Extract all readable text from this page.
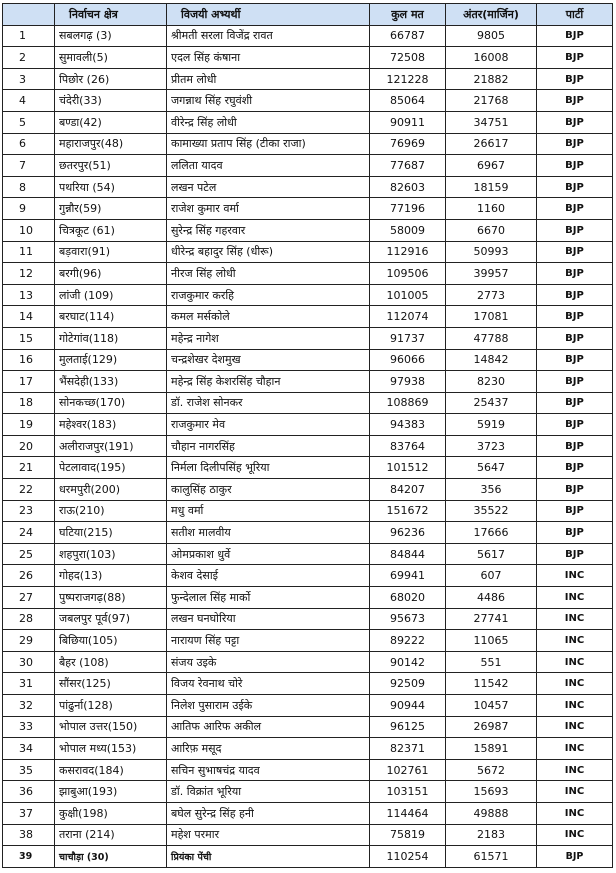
	निर्वाचन क्षेत्र	विजयी अभ्यर्थी	कुल मत	अंतर(मार्जिन)	पार्टी
1	सबलगढ़ (3)	श्रीमती सरला विजेंद्र रावत	66787	9805	BJP
2	सुमावली(5)	एदल सिंह कंषाना	72508	16008	BJP
3	पिछोर (26)	प्रीतम लोधी	121228	21882	BJP
4	चंदेरी(33)	जगन्नाथ सिंह रघुवंशी	85064	21768	BJP
5	बण्डा(42)	वीरेन्द्र सिंह लोधी	90911	34751	BJP
6	महाराजपुर(48)	कामाख्या प्रताप सिंह (टीका राजा)	76969	26617	BJP
7	छतरपुर(51)	ललिता यादव	77687	6967	BJP
8	पथरिया (54)	लखन पटेल	82603	18159	BJP
9	गुन्नौर(59)	राजेश कुमार वर्मा	77196	1160	BJP
10	चित्रकूट (61)	सुरेन्द्र सिंह गहरवार	58009	6670	BJP
11	बड़वारा(91)	धीरेन्द्र बहादुर सिंह (धीरू)	112916	50993	BJP
12	बरगी(96)	नीरज सिंह लोधी	109506	39957	BJP
13	लांजी (109)	राजकुमार करहि	101005	2773	BJP
14	बरघाट(114)	कमल मर्सकोले	112074	17081	BJP
15	गोटेगांव(118)	महेन्द्र नागेश	91737	47788	BJP
16	मुलताई(129)	चन्द्रशेखर देशमुख	96066	14842	BJP
17	भैंसदेही(133)	महेन्द्र सिंह केशरसिंह चौहान	97938	8230	BJP
18	सोनकच्छ(170)	डॉ. राजेश सोनकर	108869	25437	BJP
19	महेश्वर(183)	राजकुमार मेव	94383	5919	BJP
20	अलीराजपुर(191)	चौहान नागरसिंह	83764	3723	BJP
21	पेटलावाद(195)	निर्मला दिलीपसिंह भूरिया	101512	5647	BJP
22	धरमपुरी(200)	कालुसिंह ठाकुर	84207	356	BJP
23	राऊ(210)	मधु वर्मा	151672	35522	BJP
24	घटिया(215)	सतीश मालवीय	96236	17666	BJP
25	शहपुरा(103)	ओमप्रकाश धुर्वे	84844	5617	BJP
26	गोहद(13)	केशव देसाई	69941	607	INC
27	पुष्पराजगढ़(88)	फुन्देलाल सिंह मार्को	68020	4486	INC
28	जबलपुर पूर्व(97)	लखन घनघोरिया	95673	27741	INC
29	बिछिया(105)	नारायण सिंह पट्टा	89222	11065	INC
30	बैहर (108)	संजय उइके	90142	551	INC
31	सौंसर(125)	विजय रेवनाथ चोरे	92509	11542	INC
32	पांढुर्ना(128)	निलेश पुसाराम उईके	90944	10457	INC
33	भोपाल उत्तर(150)	आतिफ आरिफ अकील	96125	26987	INC
34	भोपाल मध्य(153)	आरिफ़ मसूद	82371	15891	INC
35	कसरावद(184)	सचिन सुभाषचंद्र यादव	102761	5672	INC
36	झाबुआ(193)	डॉ. विक्रांत भूरिया	103151	15693	INC
37	कुक्षी(198)	बघेल सुरेन्द्र सिंह हनी	114464	49888	INC
38	तराना (214)	महेश परमार	75819	2183	INC
39	चाचौड़ा (30)	प्रियंका पेंची	110254	61571	BJP
